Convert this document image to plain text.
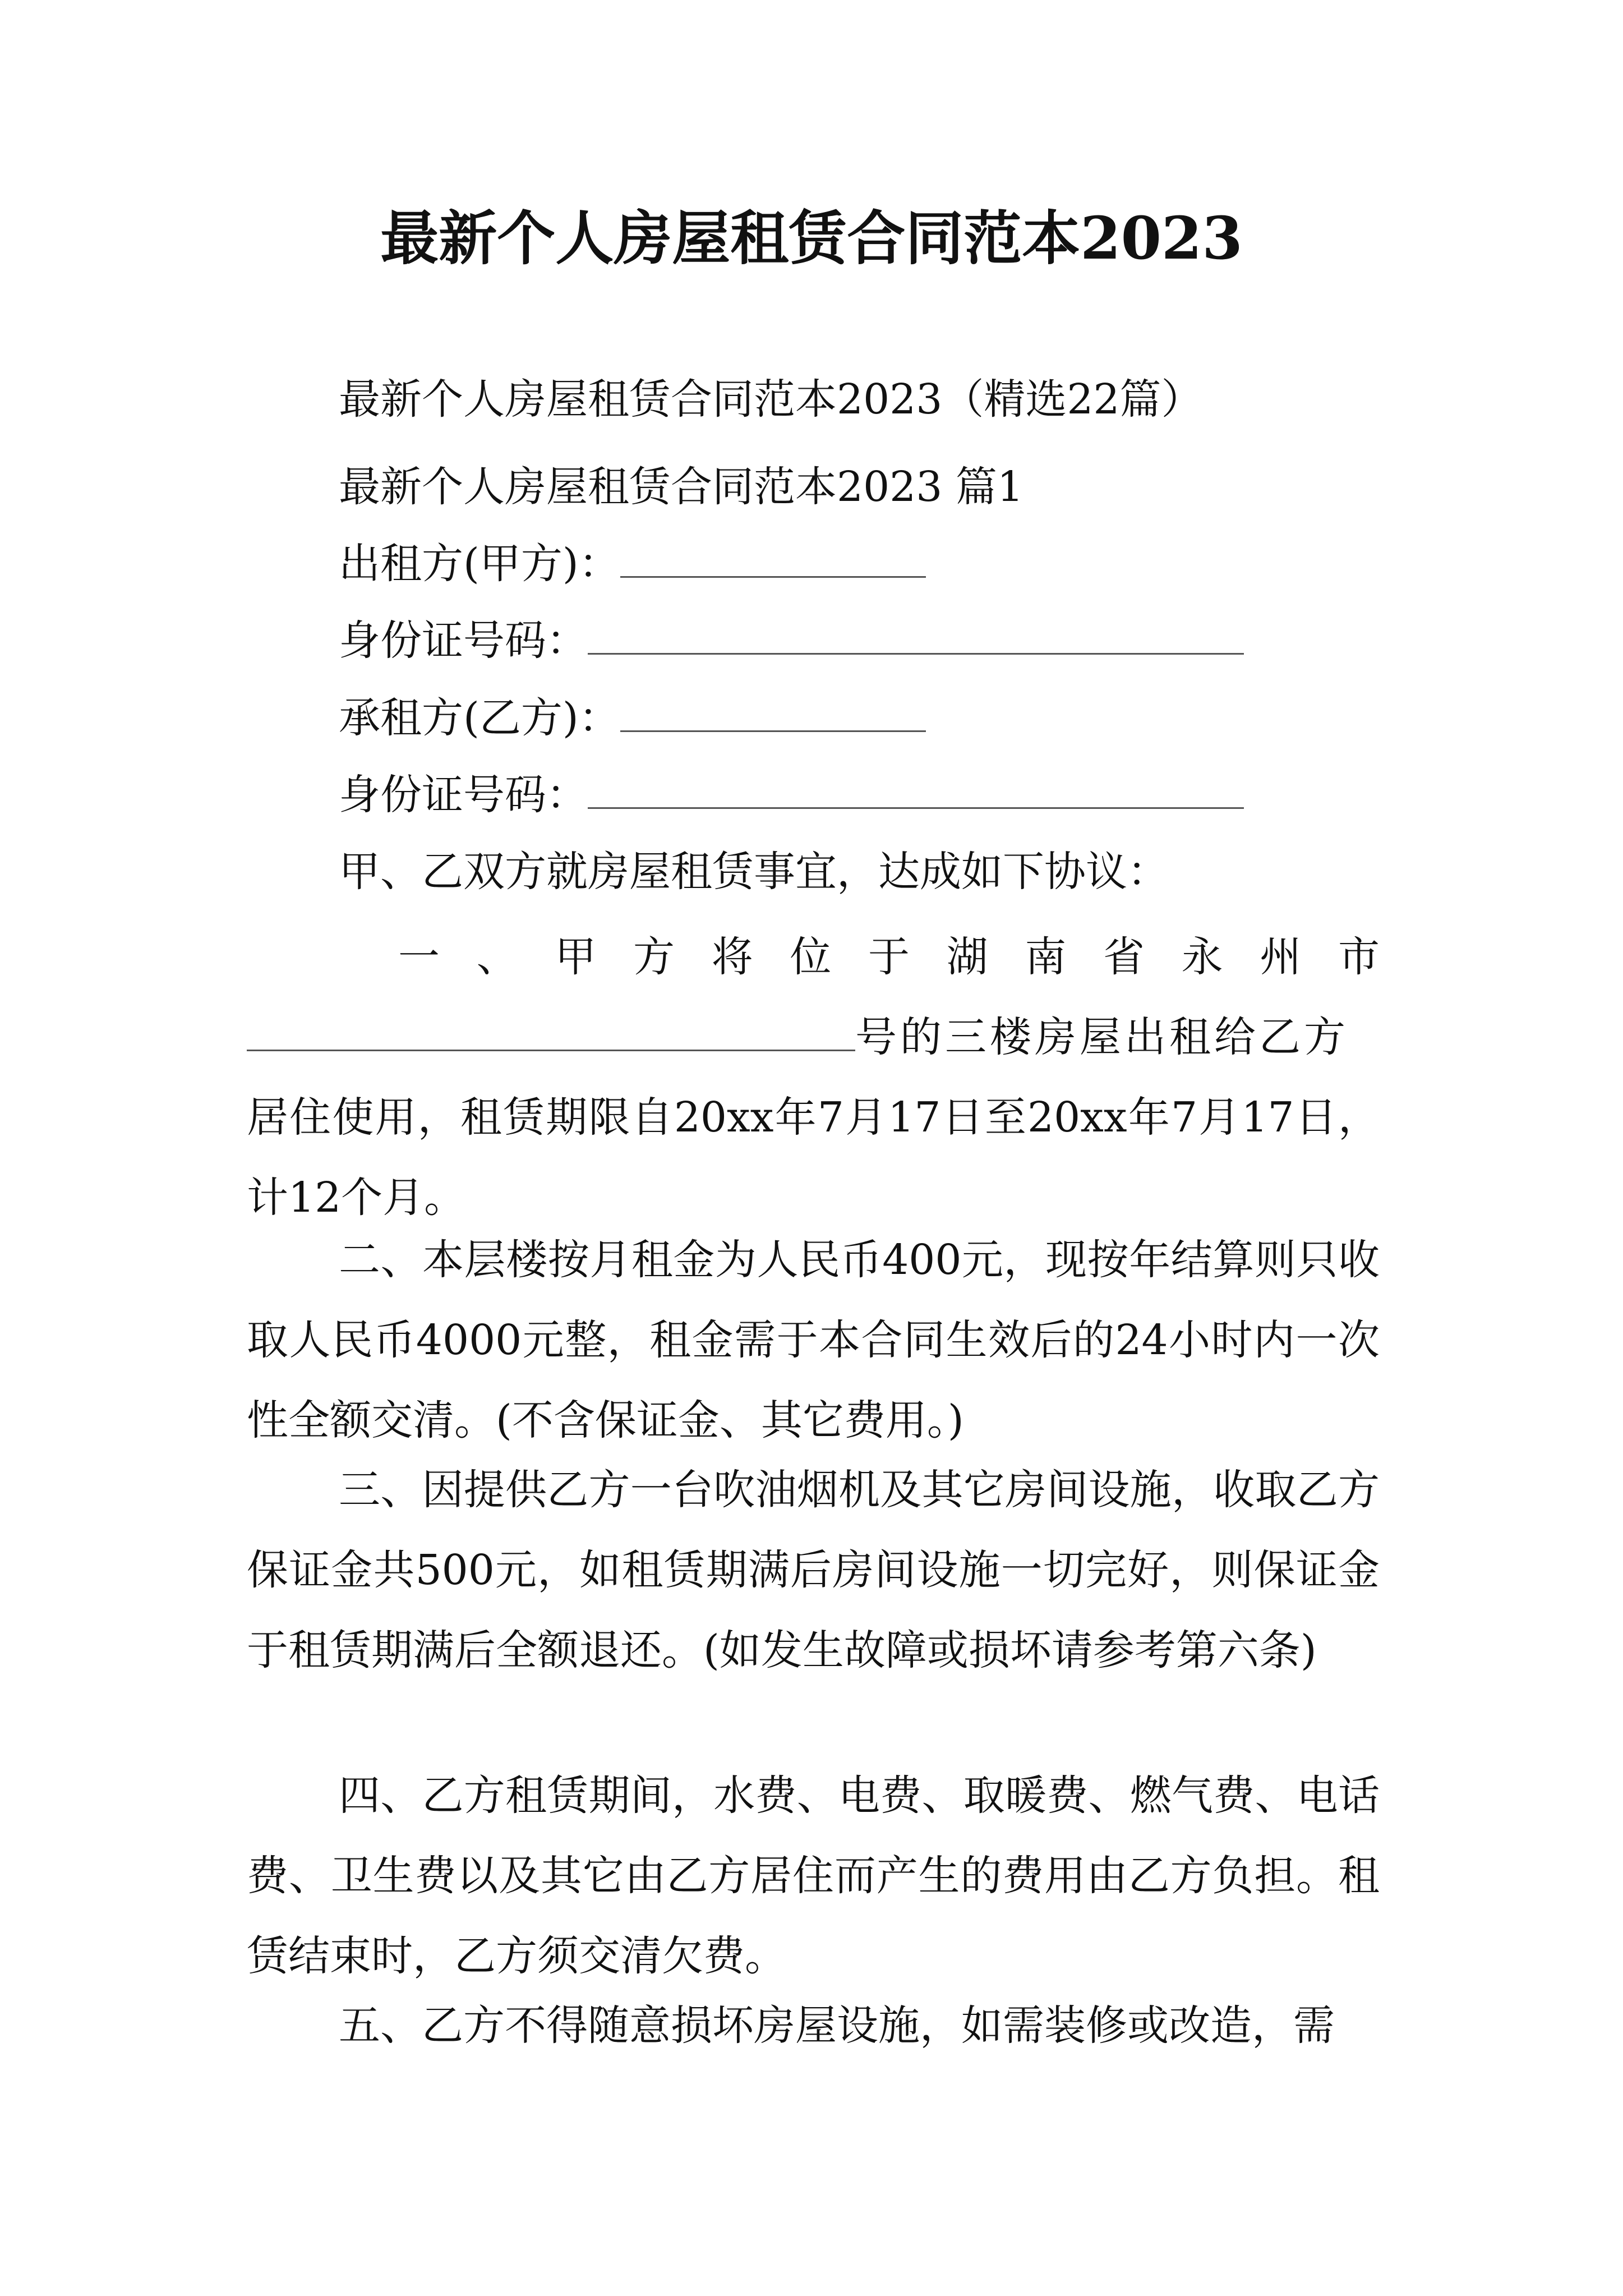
最新个人房屋租赁合同范本2023

最新个人房屋租赁合同范本2023（精选22篇）

最新个人房屋租赁合同范本2023 篇1

出租方(甲方)：

身份证号码：

承租方(乙方)：

身份证号码：

甲、乙双方就房屋租赁事宜，达成如下协议：

一、甲方将位于湖南省永州市
号的三楼房屋出租给乙方
居住使用，租赁期限自20xx年7月17日至20xx年7月17日，计12个月。

二、本层楼按月租金为人民币400元，现按年结算则只收取人民币4000元整，租金需于本合同生效后的24小时内一次性全额交清。(不含保证金、其它费用。)

三、因提供乙方一台吹油烟机及其它房间设施，收取乙方保证金共500元，如租赁期满后房间设施一切完好，则保证金于租赁期满后全额退还。(如发生故障或损坏请参考第六条)

四、乙方租赁期间，水费、电费、取暖费、燃气费、电话费、卫生费以及其它由乙方居住而产生的费用由乙方负担。租赁结束时，乙方须交清欠费。

五、乙方不得随意损坏房屋设施，如需装修或改造，需
